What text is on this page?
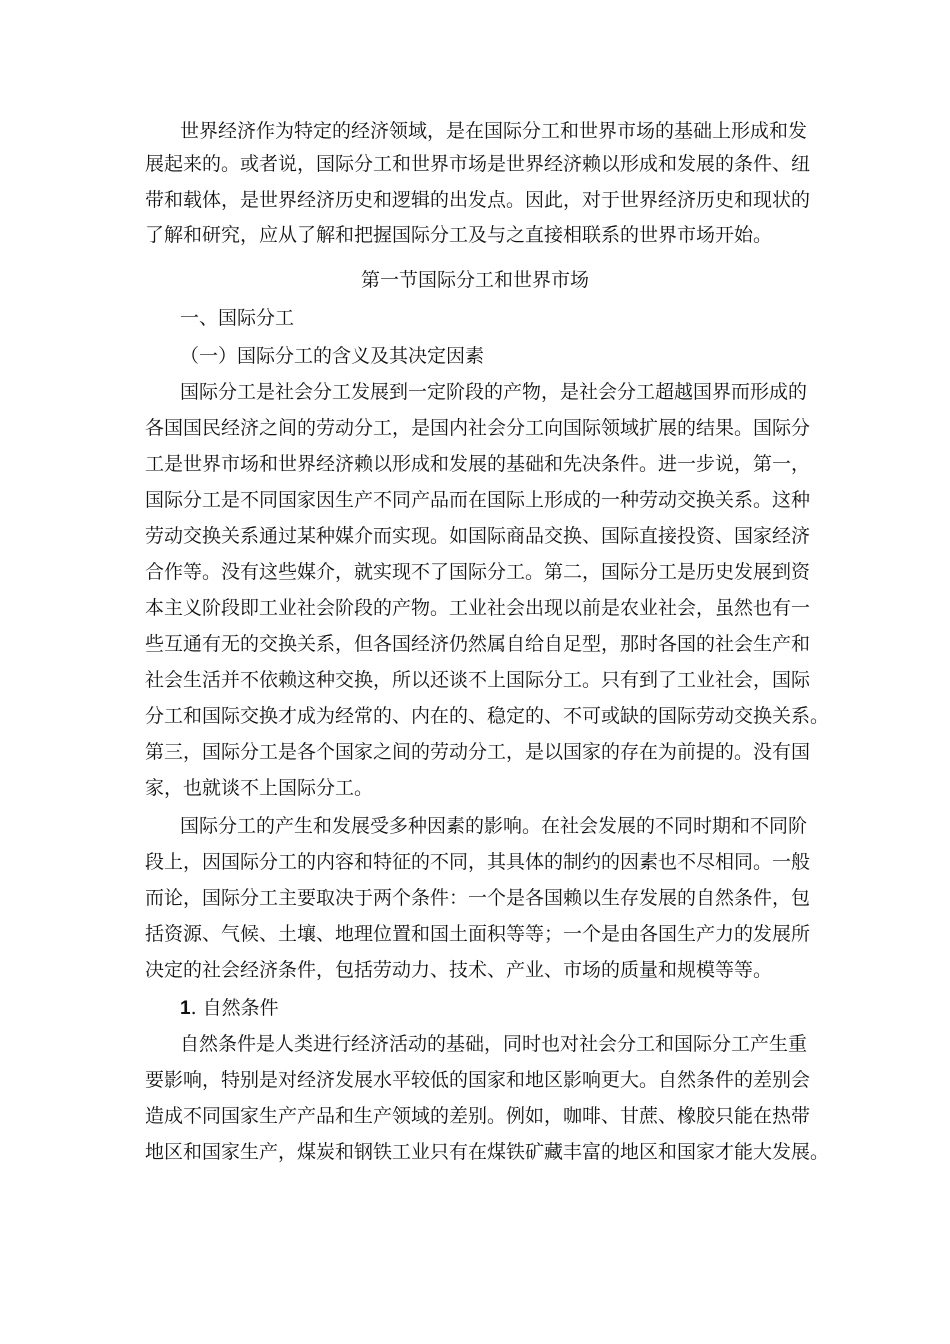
世界经济作为特定的经济领域，是在国际分工和世界市场的基础上形成和发
展起来的。或者说，国际分工和世界市场是世界经济赖以形成和发展的条件、纽
带和载体，是世界经济历史和逻辑的出发点。因此，对于世界经济历史和现状的
了解和研究，应从了解和把握国际分工及与之直接相联系的世界市场开始。
第一节国际分工和世界市场
一、国际分工
（一）国际分工的含义及其决定因素
国际分工是社会分工发展到一定阶段的产物，是社会分工超越国界而形成的
各国国民经济之间的劳动分工，是国内社会分工向国际领域扩展的结果。国际分
工是世界市场和世界经济赖以形成和发展的基础和先决条件。进一步说，第一，
国际分工是不同国家因生产不同产品而在国际上形成的一种劳动交换关系。这种
劳动交换关系通过某种媒介而实现。如国际商品交换、国际直接投资、国家经济
合作等。没有这些媒介，就实现不了国际分工。第二，国际分工是历史发展到资
本主义阶段即工业社会阶段的产物。工业社会出现以前是农业社会，虽然也有一
些互通有无的交换关系，但各国经济仍然属自给自足型，那时各国的社会生产和
社会生活并不依赖这种交换，所以还谈不上国际分工。只有到了工业社会，国际
分工和国际交换才成为经常的、内在的、稳定的、不可或缺的国际劳动交换关系。
第三，国际分工是各个国家之间的劳动分工，是以国家的存在为前提的。没有国
家，也就谈不上国际分工。
国际分工的产生和发展受多种因素的影响。在社会发展的不同时期和不同阶
段上，因国际分工的内容和特征的不同，其具体的制约的因素也不尽相同。一般
而论，国际分工主要取决于两个条件：一个是各国赖以生存发展的自然条件，包
括资源、气候、土壤、地理位置和国土面积等等；一个是由各国生产力的发展所
决定的社会经济条件，包括劳动力、技术、产业、市场的质量和规模等等。
1. 自然条件
自然条件是人类进行经济活动的基础，同时也对社会分工和国际分工产生重
要影响，特别是对经济发展水平较低的国家和地区影响更大。自然条件的差别会
造成不同国家生产产品和生产领域的差别。例如，咖啡、甘蔗、橡胶只能在热带
地区和国家生产，煤炭和钢铁工业只有在煤铁矿藏丰富的地区和国家才能大发展。
